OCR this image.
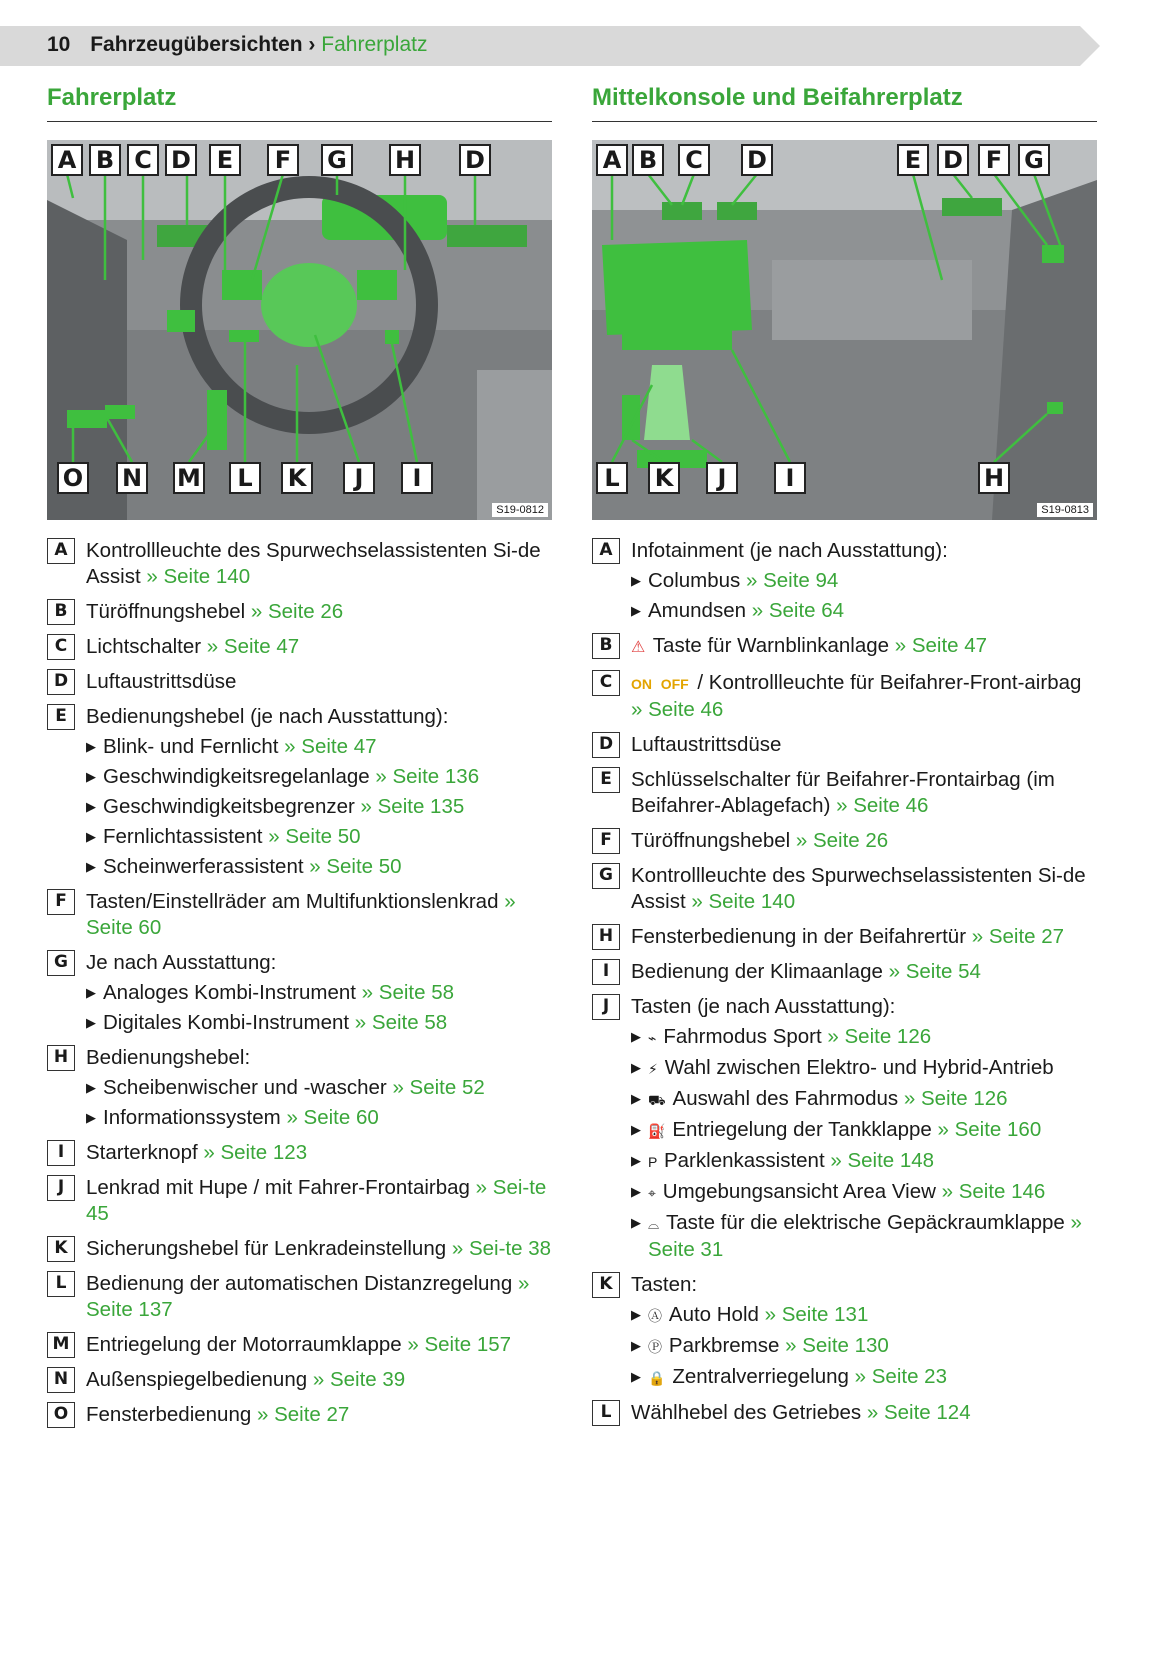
10 Fahrzeugübersichten › Fahrerplatz
Fahrerplatz
A B C D	E	F	G H D
O N M	L	K	J	I
S19-0812
A Kontrollleuchte des Spurwechselassistenten Si-de Assist » Seite 140
B Türöffnungshebel » Seite 26
C Lichtschalter » Seite 47
D Luftaustrittsdüse
E Bedienungshebel (je nach Ausstattung):
▶ Blink- und Fernlicht » Seite 47
▶ Geschwindigkeitsregelanlage » Seite 136
▶ Geschwindigkeitsbegrenzer » Seite 135
▶ Fernlichtassistent » Seite 50
▶ Scheinwerferassistent » Seite 50
F Tasten/Einstellräder am Multifunktionslenkrad » Seite 60
G Je nach Ausstattung:
▶ Analoges Kombi-Instrument » Seite 58
▶ Digitales Kombi-Instrument » Seite 58
H Bedienungshebel:
▶ Scheibenwischer und -wascher » Seite 52
▶ Informationssystem » Seite 60
I	Starterknopf » Seite 123
J	Lenkrad mit Hupe / mit Fahrer-Frontairbag » Sei-te 45
K Sicherungshebel für Lenkradeinstellung » Sei-te 38
L Bedienung der automatischen Distanzregelung » Seite 137
M Entriegelung der Motorraumklappe » Seite 157
N Außenspiegelbedienung » Seite 39
O Fensterbedienung » Seite 27
Mittelkonsole und Beifahrerplatz
A B C D	E D F G
L	K	J	I	H
S19-0813
A Infotainment (je nach Ausstattung):
▶ Columbus » Seite 94
▶ Amundsen » Seite 64
B	⚠ Taste für Warnblinkanlage » Seite 47
C	ON OFF / Kontrollleuchte für Beifahrer-Front-airbag » Seite 46
D Luftaustrittsdüse
E Schlüsselschalter für Beifahrer-Frontairbag (im Beifahrer-Ablagefach) » Seite 46
F Türöffnungshebel » Seite 26
G Kontrollleuchte des Spurwechselassistenten Si-de Assist » Seite 140
H Fensterbedienung in der Beifahrertür » Seite 27
I	Bedienung der Klimaanlage » Seite 54
J	Tasten (je nach Ausstattung):
▶ ⌁ Fahrmodus Sport » Seite 126
▶ ⚡ Wahl zwischen Elektro- und Hybrid-Antrieb
▶ ⛟ Auswahl des Fahrmodus » Seite 126
▶ ⛽ Entriegelung der Tankklappe » Seite 160
▶ P Parklenkassistent » Seite 148
▶ ⌖ Umgebungsansicht Area View » Seite 146
▶ ⌓ Taste für die elektrische Gepäckraumklappe » Seite 31
K Tasten:
▶ Ⓐ Auto Hold » Seite 131
▶ Ⓟ Parkbremse » Seite 130
▶ 🔒 Zentralverriegelung » Seite 23
L Wählhebel des Getriebes » Seite 124
